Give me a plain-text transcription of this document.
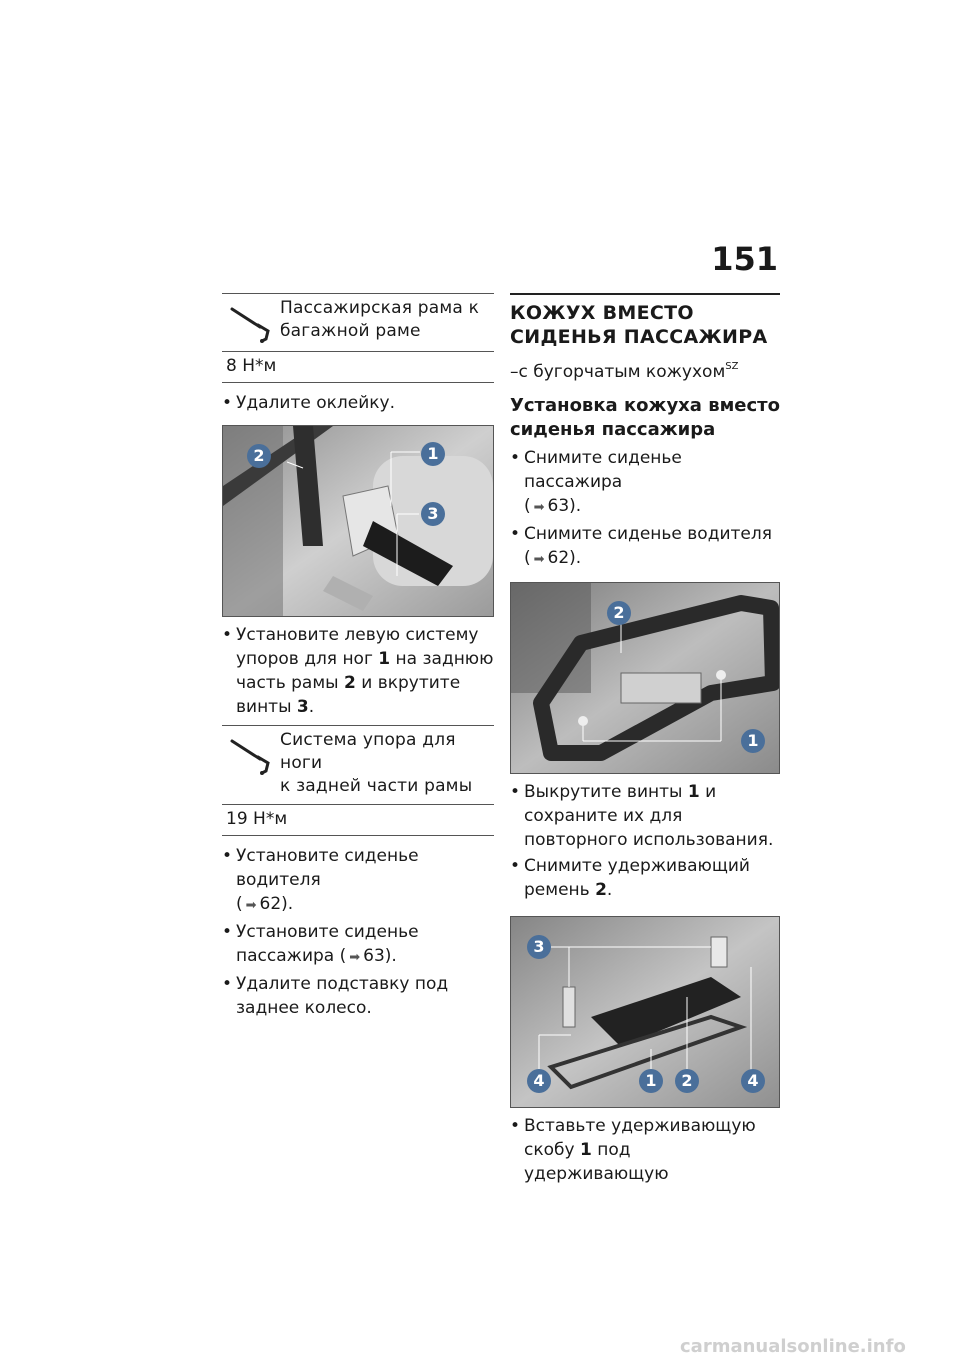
151
Пассажирская рама к
багажной раме
8 Н*м
• Удалите оклейку.
2	1
3
• Установите левую систему упоров для ног 1 на заднюю часть рамы 2 и вкрутите винты 3.
Система упора для ноги
к задней части рамы
19 Н*м
• Установите сиденье водителя
( ➡ 62).
• Установите сиденье пассажира ( ➡ 63).
• Удалите подставку под заднее колесо.
КОЖУХ ВМЕСТО СИДЕНЬЯ ПАССАЖИРА
–с бугорчатым кожухом$^{SZ}$
Установка кожуха вместо сиденья пассажира
• Снимите сиденье пассажира
( ➡ 63).
• Снимите сиденье водителя
( ➡ 62).
2
1
• Выкрутите винты 1 и сохраните их для повторного использования.
• Снимите удерживающий ремень 2.
3
4	1	2	4
• Вставьте удерживающую скобу 1 под удерживающую
carmanualsonline.info
